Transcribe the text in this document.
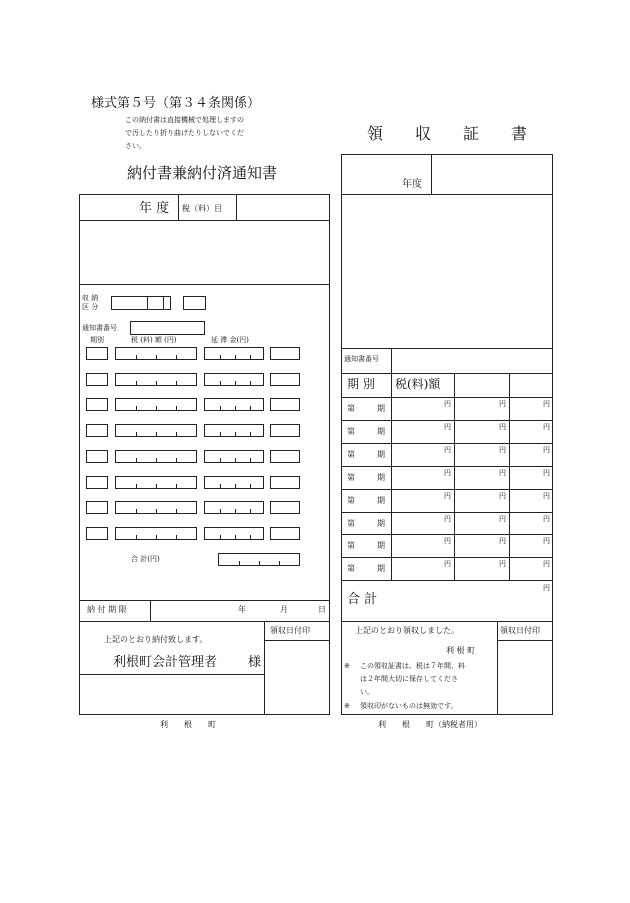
様式第５号（第３４条関係）
この納付書は直接機械で処理しますの
で汚したり折り曲げたりしないでくだ
さい。
納付書兼納付済通知書
年 度 税（料）目
収 納
区 分
通知書番号
期別	税 (料) 額 (円)	延 滞 金(円)
合 計(円)
納 付 期 限	年	月	日
上記のとおり納付致します。
領収日付印
利根町会計管理者 様
利　　根　　町
領　　収　　証　　書
年度
通知書番号
期 別 税(料)額
第	期	円	円	円
第	期	円	円	円
第	期	円	円	円
第	期	円	円	円
第	期	円	円	円
第	期	円	円	円
第	期	円	円	円
第	期	円	円	円
合 計
円
上記のとおり領収しました。	領収日付印
利 根 町
※ この領収証書は、税は７年間、料
は２年間大切に保存してくださ
い。
※ 領収印がないものは無効です。
利　　根　　町（納税者用）
